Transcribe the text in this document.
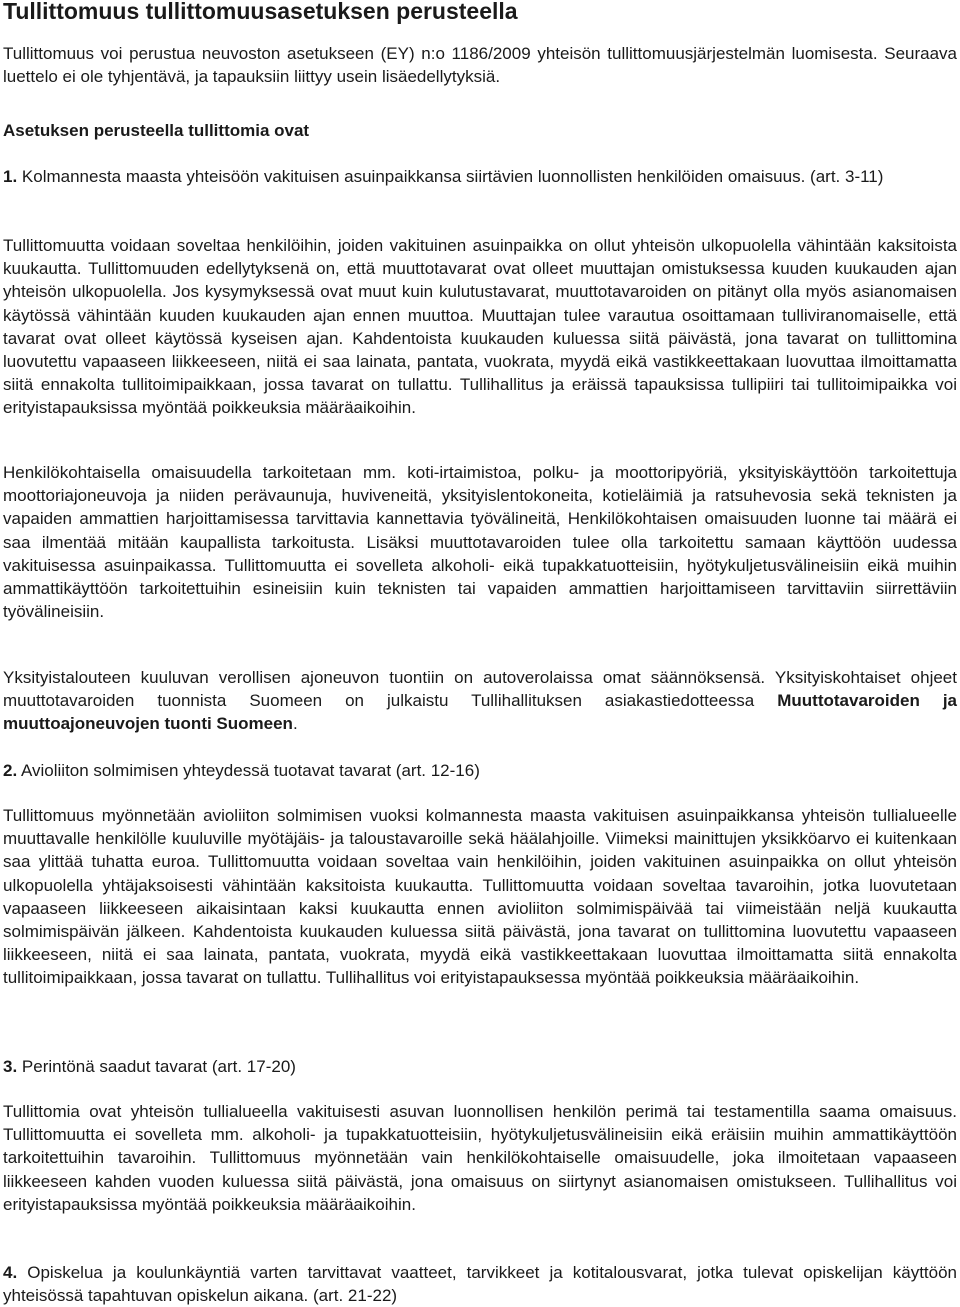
Tullittomuus tullittomuusasetuksen perusteella

Tullittomuus voi perustua neuvoston asetukseen (EY) n:o 1186/2009 yhteisön tullittomuusjärjestelmän luomisesta. Seuraava luettelo ei ole tyhjentävä, ja tapauksiin liittyy usein lisäedellytyksiä.

Asetuksen perusteella tullittomia ovat

1. Kolmannesta maasta yhteisöön vakituisen asuinpaikkansa siirtävien luonnollisten henkilöiden omaisuus. (art. 3-11)

Tullittomuutta voidaan soveltaa henkilöihin, joiden vakituinen asuinpaikka on ollut yhteisön ulkopuolella vähintään kaksitoista kuukautta. Tullittomuuden edellytyksenä on, että muuttotavarat ovat olleet muuttajan omistuksessa kuuden kuukauden ajan yhteisön ulkopuolella. Jos kysymyksessä ovat muut kuin kulutustavarat, muuttotavaroiden on pitänyt olla myös asianomaisen käytössä vähintään kuuden kuukauden ajan ennen muuttoa. Muuttajan tulee varautua osoittamaan tulliviranomaiselle, että tavarat ovat olleet käytössä kyseisen ajan. Kahdentoista kuukauden kuluessa siitä päivästä, jona tavarat on tullittomina luovutettu vapaaseen liikkeeseen, niitä ei saa lainata, pantata, vuokrata, myydä eikä vastikkeettakaan luovuttaa ilmoittamatta siitä ennakolta tullitoimipaikkaan, jossa tavarat on tullattu. Tullihallitus ja eräissä tapauksissa tullipiiri tai tullitoimipaikka voi erityistapauksissa myöntää poikkeuksia määräaikoihin.

Henkilökohtaisella omaisuudella tarkoitetaan mm. koti-irtaimistoa, polku- ja moottoripyöriä, yksityiskäyttöön tarkoitettuja moottoriajoneuvoja ja niiden perävaunuja, huviveneitä, yksityislentokoneita, kotieläimiä ja ratsuhevosia sekä teknisten ja vapaiden ammattien harjoittamisessa tarvittavia kannettavia työvälineitä, Henkilökohtaisen omaisuuden luonne tai määrä ei saa ilmentää mitään kaupallista tarkoitusta. Lisäksi muuttotavaroiden tulee olla tarkoitettu samaan käyttöön uudessa vakituisessa asuinpaikassa. Tullittomuutta ei sovelleta alkoholi- eikä tupakkatuotteisiin, hyötykuljetusvälineisiin eikä muihin ammattikäyttöön tarkoitettuihin esineisiin kuin teknisten tai vapaiden ammattien harjoittamiseen tarvittaviin siirrettäviin työvälineisiin.

Yksityistalouteen kuuluvan verollisen ajoneuvon tuontiin on autoverolaissa omat säännöksensä. Yksityiskohtaiset ohjeet muuttotavaroiden tuonnista Suomeen on julkaistu Tullihallituksen asiakastiedotteessa Muuttotavaroiden ja muuttoajoneuvojen tuonti Suomeen.

2. Avioliiton solmimisen yhteydessä tuotavat tavarat (art. 12-16)

Tullittomuus myönnetään avioliiton solmimisen vuoksi kolmannesta maasta vakituisen asuinpaikkansa yhteisön tullialueelle muuttavalle henkilölle kuuluville myötäjäis- ja taloustavaroille sekä häälahjoille. Viimeksi mainittujen yksikköarvo ei kuitenkaan saa ylittää tuhatta euroa. Tullittomuutta voidaan soveltaa vain henkilöihin, joiden vakituinen asuinpaikka on ollut yhteisön ulkopuolella yhtäjaksoisesti vähintään kaksitoista kuukautta. Tullittomuutta voidaan soveltaa tavaroihin, jotka luovutetaan vapaaseen liikkeeseen aikaisintaan kaksi kuukautta ennen avioliiton solmimispäivää tai viimeistään neljä kuukautta solmimispäivän jälkeen. Kahdentoista kuukauden kuluessa siitä päivästä, jona tavarat on tullittomina luovutettu vapaaseen liikkeeseen, niitä ei saa lainata, pantata, vuokrata, myydä eikä vastikkeettakaan luovuttaa ilmoittamatta siitä ennakolta tullitoimipaikkaan, jossa tavarat on tullattu. Tullihallitus voi erityistapauksessa myöntää poikkeuksia määräaikoihin.

3. Perintönä saadut tavarat (art. 17-20)

Tullittomia ovat yhteisön tullialueella vakituisesti asuvan luonnollisen henkilön perimä tai testamentilla saama omaisuus. Tullittomuutta ei sovelleta mm. alkoholi- ja tupakkatuotteisiin, hyötykuljetusvälineisiin eikä eräisiin muihin ammattikäyttöön tarkoitettuihin tavaroihin. Tullittomuus myönnetään vain henkilökohtaiselle omaisuudelle, joka ilmoitetaan vapaaseen liikkeeseen kahden vuoden kuluessa siitä päivästä, jona omaisuus on siirtynyt asianomaisen omistukseen. Tullihallitus voi erityistapauksissa myöntää poikkeuksia määräaikoihin.

4. Opiskelua ja koulunkäyntiä varten tarvittavat vaatteet, tarvikkeet ja kotitalousvarat, jotka tulevat opiskelijan käyttöön yhteisössä tapahtuvan opiskelun aikana. (art. 21-22)
